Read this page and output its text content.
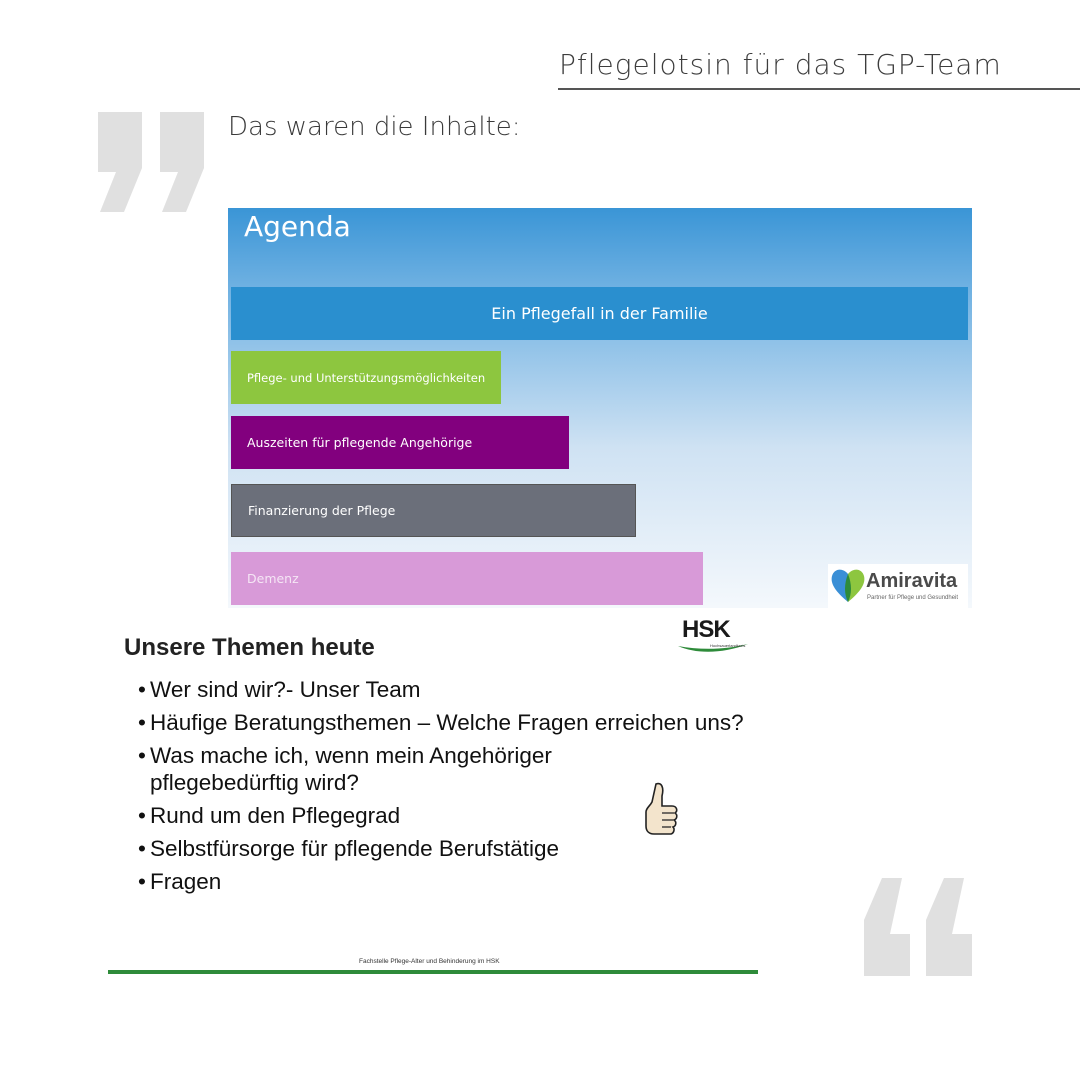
Pflegelotsin für das TGP-Team
Das waren die Inhalte:
Agenda
Ein Pflegefall in der Familie
Pflege- und Unterstützungsmöglichkeiten
Auszeiten für pflegende Angehörige
Finanzierung der Pflege
Demenz	Amiravita
Partner für Pflege und Gesundheit
Unsere Themen heute
HSK
Hochsauerlandkreis
• Wer sind wir?- Unser Team
• Häufige Beratungsthemen – Welche Fragen erreichen uns?
• Was mache ich, wenn mein Angehöriger pflegebedürftig wird?
• Rund um den Pflegegrad
• Selbstfürsorge für pflegende Berufstätige
• Fragen
Fachstelle Pflege-Alter und Behinderung im HSK
